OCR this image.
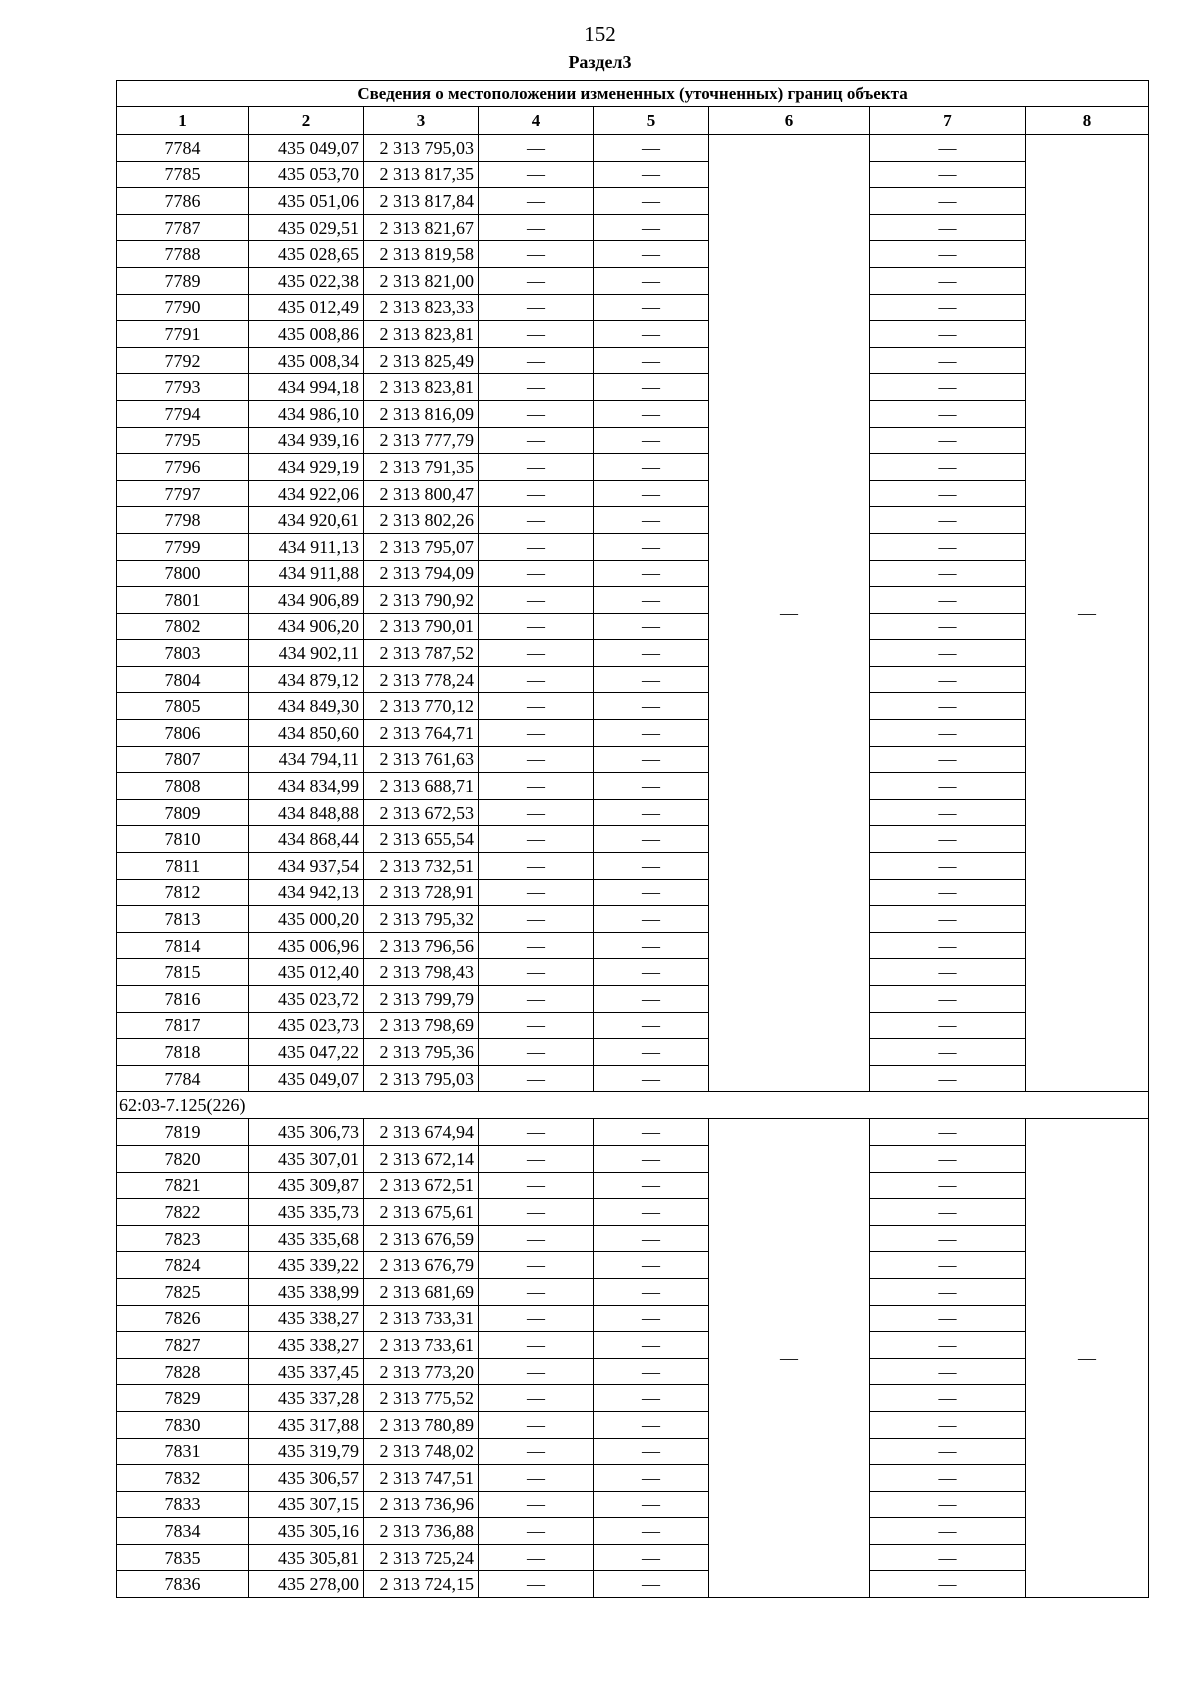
152
Раздел3
Сведения о местоположении измененных (уточненных) границ объекта							
1	2	3	4	5	6	7	8
7784	435 049,07	2 313 795,03	—	—	—	—	—
7785	435 053,70	2 313 817,35	—	—		—	
7786	435 051,06	2 313 817,84	—	—		—	
7787	435 029,51	2 313 821,67	—	—		—	
7788	435 028,65	2 313 819,58	—	—		—	
7789	435 022,38	2 313 821,00	—	—		—	
7790	435 012,49	2 313 823,33	—	—		—	
7791	435 008,86	2 313 823,81	—	—		—	
7792	435 008,34	2 313 825,49	—	—		—	
7793	434 994,18	2 313 823,81	—	—		—	
7794	434 986,10	2 313 816,09	—	—		—	
7795	434 939,16	2 313 777,79	—	—		—	
7796	434 929,19	2 313 791,35	—	—		—	
7797	434 922,06	2 313 800,47	—	—		—	
7798	434 920,61	2 313 802,26	—	—		—	
7799	434 911,13	2 313 795,07	—	—		—	
7800	434 911,88	2 313 794,09	—	—		—	
7801	434 906,89	2 313 790,92	—	—		—	
7802	434 906,20	2 313 790,01	—	—		—	
7803	434 902,11	2 313 787,52	—	—		—	
7804	434 879,12	2 313 778,24	—	—		—	
7805	434 849,30	2 313 770,12	—	—		—	
7806	434 850,60	2 313 764,71	—	—		—	
7807	434 794,11	2 313 761,63	—	—		—	
7808	434 834,99	2 313 688,71	—	—		—	
7809	434 848,88	2 313 672,53	—	—		—	
7810	434 868,44	2 313 655,54	—	—		—	
7811	434 937,54	2 313 732,51	—	—		—	
7812	434 942,13	2 313 728,91	—	—		—	
7813	435 000,20	2 313 795,32	—	—		—	
7814	435 006,96	2 313 796,56	—	—		—	
7815	435 012,40	2 313 798,43	—	—		—	
7816	435 023,72	2 313 799,79	—	—		—	
7817	435 023,73	2 313 798,69	—	—		—	
7818	435 047,22	2 313 795,36	—	—		—	
7784	435 049,07	2 313 795,03	—	—		—	
62:03-7.125(226)							
7819	435 306,73	2 313 674,94	—	—	—	—	—
7820	435 307,01	2 313 672,14	—	—		—	
7821	435 309,87	2 313 672,51	—	—		—	
7822	435 335,73	2 313 675,61	—	—		—	
7823	435 335,68	2 313 676,59	—	—		—	
7824	435 339,22	2 313 676,79	—	—		—	
7825	435 338,99	2 313 681,69	—	—		—	
7826	435 338,27	2 313 733,31	—	—		—	
7827	435 338,27	2 313 733,61	—	—		—	
7828	435 337,45	2 313 773,20	—	—		—	
7829	435 337,28	2 313 775,52	—	—		—	
7830	435 317,88	2 313 780,89	—	—		—	
7831	435 319,79	2 313 748,02	—	—		—	
7832	435 306,57	2 313 747,51	—	—		—	
7833	435 307,15	2 313 736,96	—	—		—	
7834	435 305,16	2 313 736,88	—	—		—	
7835	435 305,81	2 313 725,24	—	—		—	
7836	435 278,00	2 313 724,15	—	—		—	
